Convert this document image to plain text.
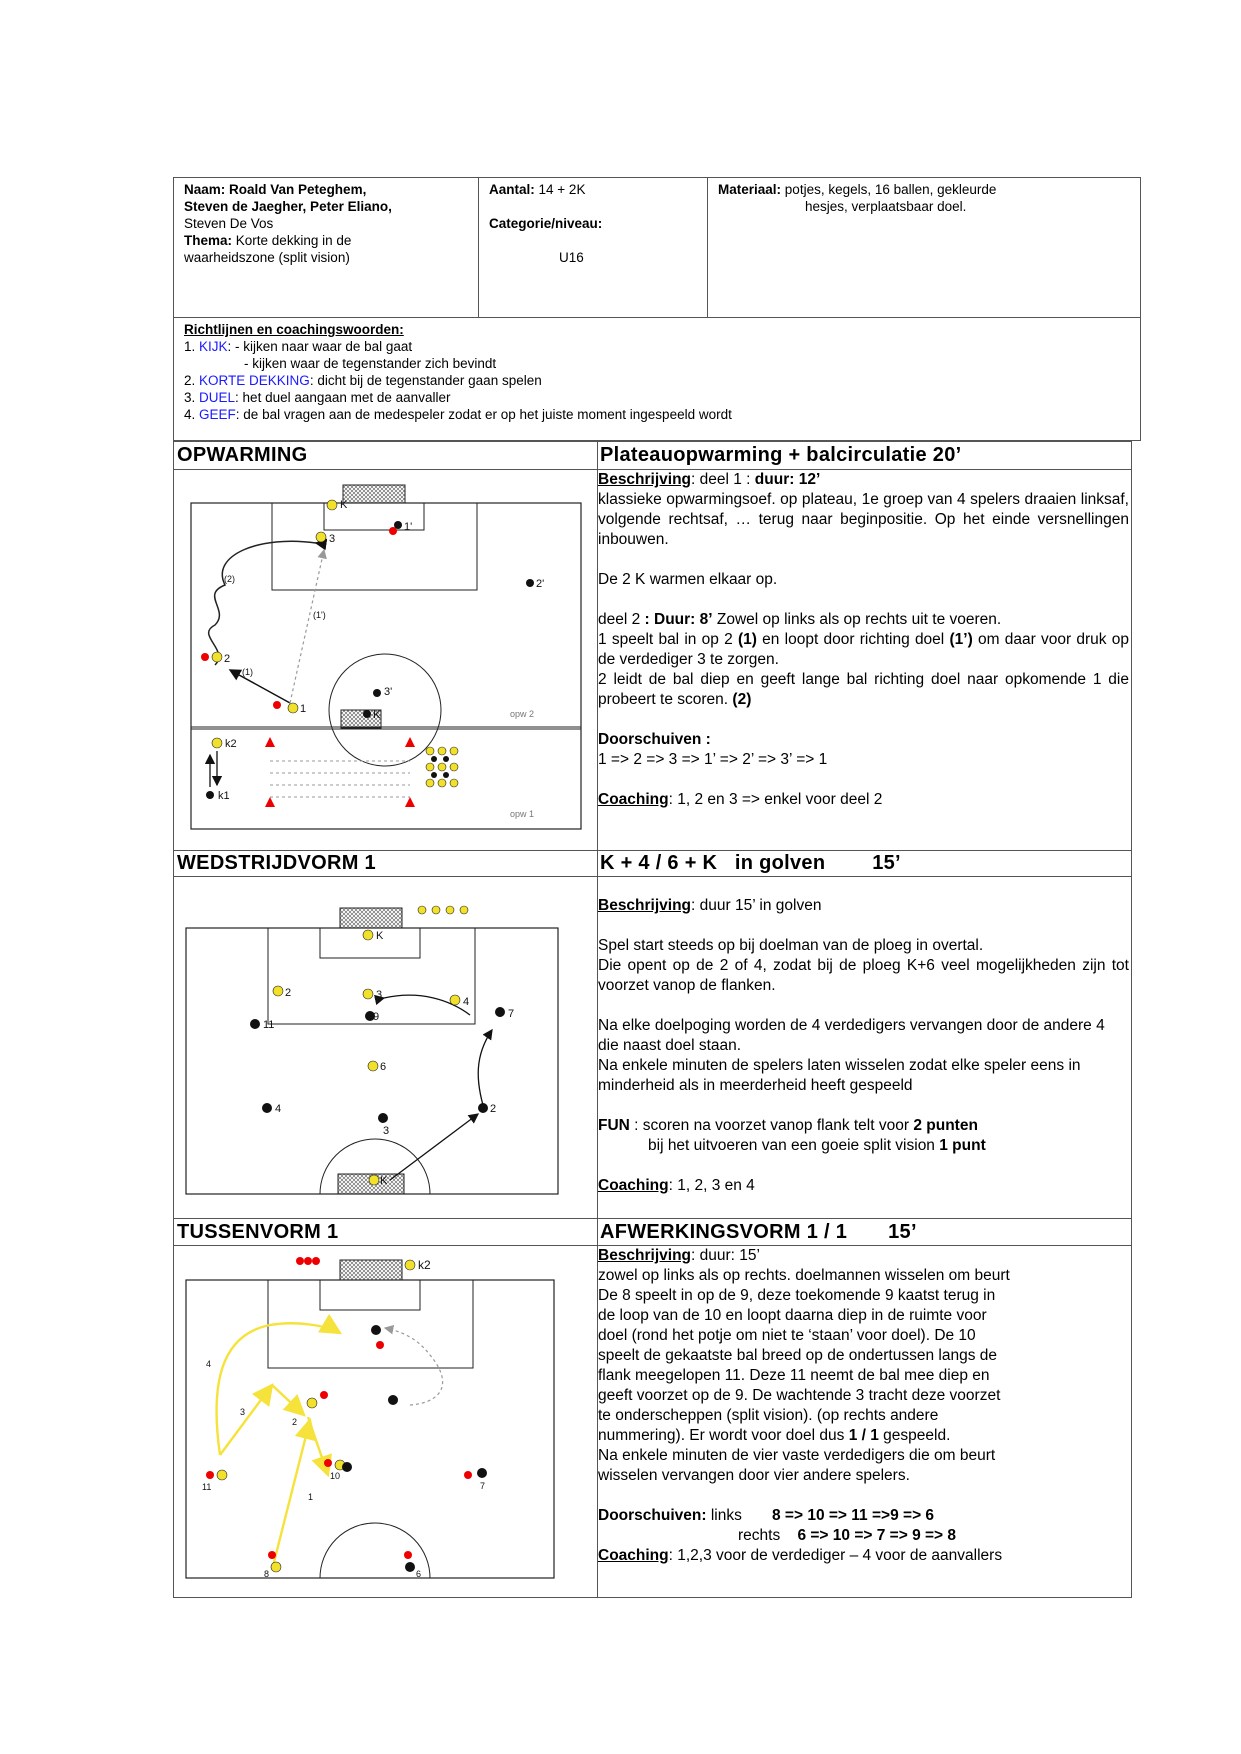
Naam: Roald Van Peteghem,
Steven de Jaegher, Peter Eliano,
Steven De Vos
Thema: Korte dekking in de
waarheidszone (split vision)
Aantal: 14 + 2K
Categorie/niveau:
U16
Materiaal: potjes, kegels, 16 ballen, gekleurde
hesjes, verplaatsbaar doel.
Richtlijnen en coachingswoorden:
1. KIJK: - kijken naar waar de bal gaat
- kijken waar de tegenstander zich bevindt
2. KORTE DEKKING: dicht bij de tegenstander gaan spelen
3. DUEL: het duel aangaan met de aanvaller
4. GEEF: de bal vragen aan de medespeler zodat er op het juiste moment ingespeeld wordt
OPWARMING	Plateauopwarming + balcirculatie 20’

Beschrijving: deel 1 : duur: 12’

klassieke opwarmingsoef. op plateau, 1e groep van 4 spelers draaien linksaf, volgende rechtsaf, … terug naar beginpositie. Op het einde versnellingen inbouwen.

De 2 K warmen elkaar op.

deel 2 : Duur: 8’ Zowel op links als op rechts uit te voeren.

1 speelt bal in op 2 (1) en loopt door richting doel (1’) om daar voor druk op de verdediger 3 te zorgen.

2 leidt de bal diep en geeft lange bal richting doel naar opkomende 1 die probeert te scoren. (2)

Doorschuiven :

1 => 2 => 3 => 1’ => 2’ => 3’ => 1

Coaching: 1, 2 en 3 => enkel voor deel 2

K
1'
3
2'
(2)
(1')
2
(1)
3'
1	K	opw 2
k2
k1
opw 1
WEDSTRIJDVORM 1	K + 4 / 6 + K   in golven        15’

Beschrijving: duur 15’ in golven

Spel start steeds op bij doelman van de ploeg in overtal.

Die opent op de 2 of 4, zodat bij de ploeg K+6 veel mogelijkheden zijn tot voorzet vanop de flanken.

Na elke doelpoging worden de 4 verdedigers vervangen door de andere 4 die naast doel staan.

Na enkele minuten de spelers laten wisselen zodat elke speler eens in minderheid als in meerderheid heeft gespeeld

FUN : scoren na voorzet vanop flank telt voor 2 punten

bij het uitvoeren van een goeie split vision 1 punt

Coaching: 1, 2, 3 en 4

K
2	3
4
9	7
11
6
4
3
2
K
TUSSENVORM 1	AFWERKINGSVORM 1 / 1       15’

Beschrijving: duur: 15’

zowel op links als op rechts. doelmannen wisselen om beurt

De 8 speelt in op de 9, deze toekomende 9 kaatst terug in

de loop van de 10 en loopt daarna diep in de ruimte voor

doel (rond het potje om niet te ‘staan’ voor doel). De 10

speelt de gekaatste bal breed op de ondertussen langs de

flank meegelopen 11. Deze 11 neemt de bal mee diep en

geeft voorzet op de 9. De wachtende 3 tracht deze voorzet

te onderscheppen (split vision). (op rechts andere

nummering). Er wordt voor doel dus 1 / 1 gespeeld.

Na enkele minuten de vier vaste verdedigers die om beurt

wisselen vervangen door vier andere spelers.

Doorschuiven: links 8 => 10 => 11 =>9 => 6

rechts 6 => 10 => 7 => 9 => 8

Coaching: 1,2,3 voor de verdediger – 4 voor de aanvallers

k2
4
3
2
1
10
11	7
8	6
